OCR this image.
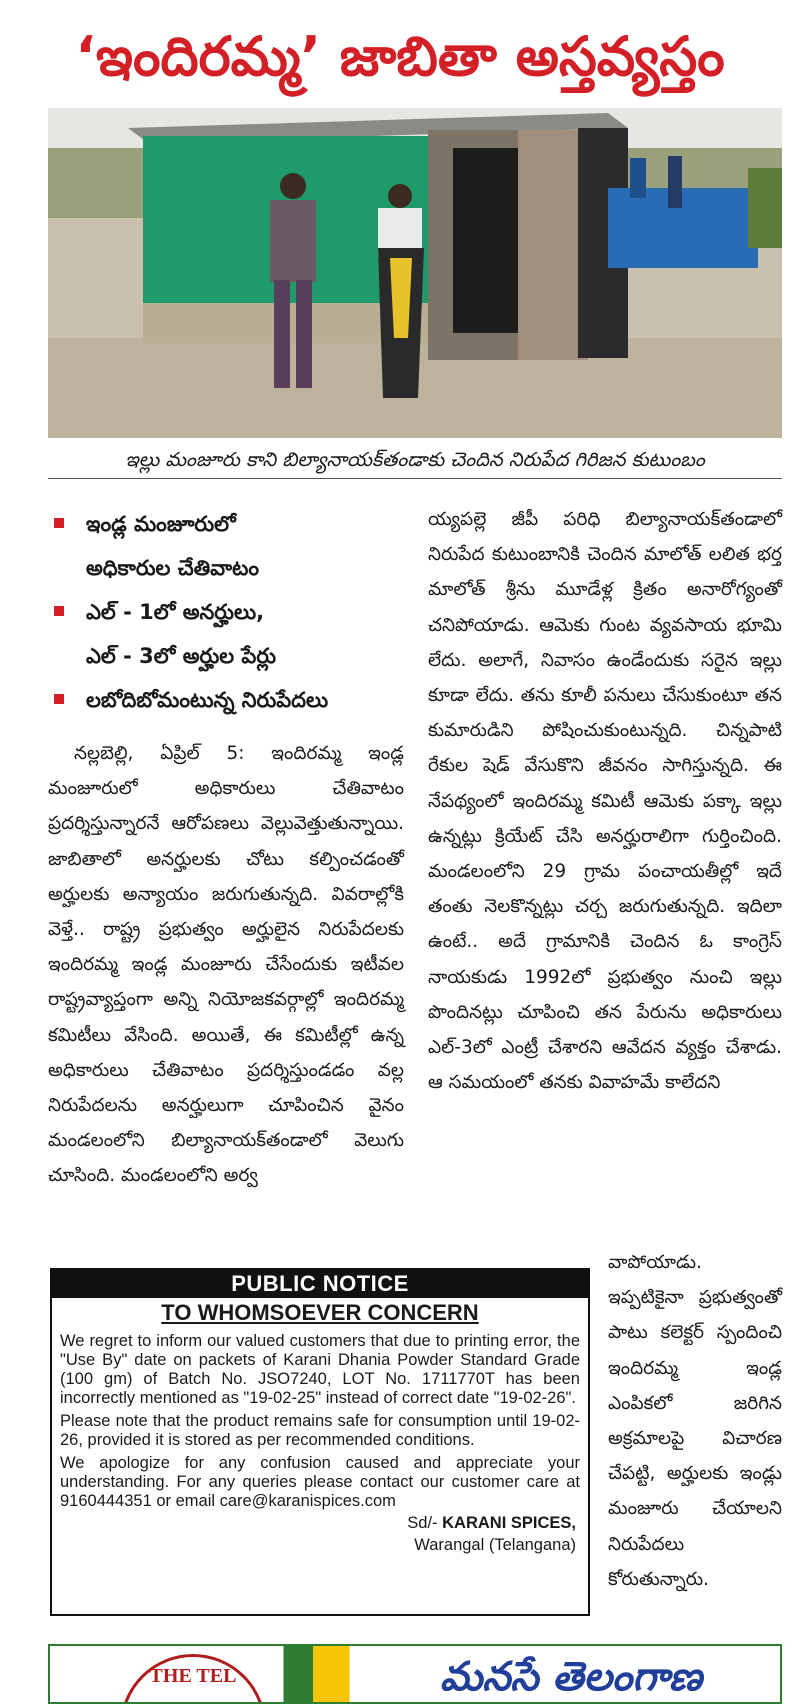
‘ఇందిరమ్మ’ జాబితా అస్తవ్యస్తం
ఇల్లు మంజూరు కాని బిల్యానాయక్‌తండాకు చెందిన నిరుపేద గిరిజన కుటుంబం
ఇండ్ల మంజూరులో
అధికారుల చేతివాటం
ఎల్‌ - 1లో అనర్హులు,
ఎల్‌ - 3లో అర్హుల పేర్లు
లబోదిబోమంటున్న నిరుపేదలు

నల్లబెల్లి, ఏప్రిల్‌ 5: ఇందిరమ్మ ఇండ్ల మంజూరులో అధికారులు చేతివాటం ప్రదర్శిస్తున్నారనే ఆరోపణలు వెల్లువెత్తుతున్నాయి. జాబితాలో అనర్హులకు చోటు కల్పించడంతో అర్హులకు అన్యాయం జరుగుతున్నది. వివరాల్లోకి వెళ్తే.. రాష్ట్ర ప్రభుత్వం అర్హులైన నిరుపేదలకు ఇందిరమ్మ ఇండ్ల మంజూరు చేసేందుకు ఇటీవల రాష్ట్రవ్యాప్తంగా అన్ని నియోజకవర్గాల్లో ఇందిరమ్మ కమిటీలు వేసింది. అయితే, ఈ కమిటీల్లో ఉన్న అధికారులు చేతివాటం ప్రదర్శిస్తుండడం వల్ల నిరుపేదలను అనర్హులుగా చూపించిన వైనం మండలంలోని బిల్యానాయక్‌తండాలో వెలుగు చూసింది. మండలంలోని అర్వ

య్యపల్లె జీపీ పరిధి బిల్యానాయక్‌తండాలో నిరుపేద కుటుంబానికి చెందిన మాలోత్‌ లలిత భర్త మాలోత్‌ శ్రీను మూడేళ్ల క్రితం అనారోగ్యంతో చనిపోయాడు. ఆమెకు గుంట వ్యవసాయ భూమి లేదు. అలాగే, నివాసం ఉండేందుకు సరైన ఇల్లు కూడా లేదు. తను కూలీ పనులు చేసుకుంటూ తన కుమారుడిని పోషించుకుంటున్నది. చిన్నపాటి రేకుల షెడ్‌ వేసుకొని జీవనం సాగిస్తున్నది. ఈ నేపథ్యంలో ఇందిరమ్మ కమిటీ ఆమెకు పక్కా ఇల్లు ఉన్నట్లు క్రియేట్‌ చేసి అనర్హురాలిగా గుర్తించింది. మండలంలోని 29 గ్రామ పంచాయతీల్లో ఇదే తంతు నెలకొన్నట్లు చర్చ జరుగుతున్నది. ఇదిలా ఉంటే.. అదే గ్రామానికి చెందిన ఓ కాంగ్రెస్‌ నాయకుడు 1992లో ప్రభుత్వం నుంచి ఇల్లు పొందినట్లు చూపించి తన పేరును అధికారులు ఎల్‌-3లో ఎంట్రీ చేశారని ఆవేదన వ్యక్తం చేశాడు. ఆ సమయంలో తనకు వివాహమే కాలేదని

వాపోయాడు. ఇప్పటికైనా ప్రభుత్వంతో పాటు కలెక్టర్‌ స్పందించి ఇందిరమ్మ ఇండ్ల ఎంపికలో జరిగిన అక్రమాలపై విచారణ చేపట్టి, అర్హులకు ఇండ్లు మంజూరు చేయాలని నిరుపేదలు కోరుతున్నారు.

PUBLIC NOTICE
TO WHOMSOEVER CONCERN

We regret to inform our valued customers that due to printing error, the "Use By" date on packets of Karani Dhania Powder Standard Grade (100 gm) of Batch No. JSO7240, LOT No. 1711770T has been incorrectly mentioned as "19-02-25" instead of correct date "19-02-26".

Please note that the product remains safe for consumption until 19-02-26, provided it is stored as per recommended conditions.

We apologize for any confusion caused and appreciate your understanding. For any queries please contact our customer care at 9160444351 or email care@karanispices.com

Sd/- KARANI SPICES,
Warangal (Telangana)
THE TEL	మనసే తెలంగాణ
